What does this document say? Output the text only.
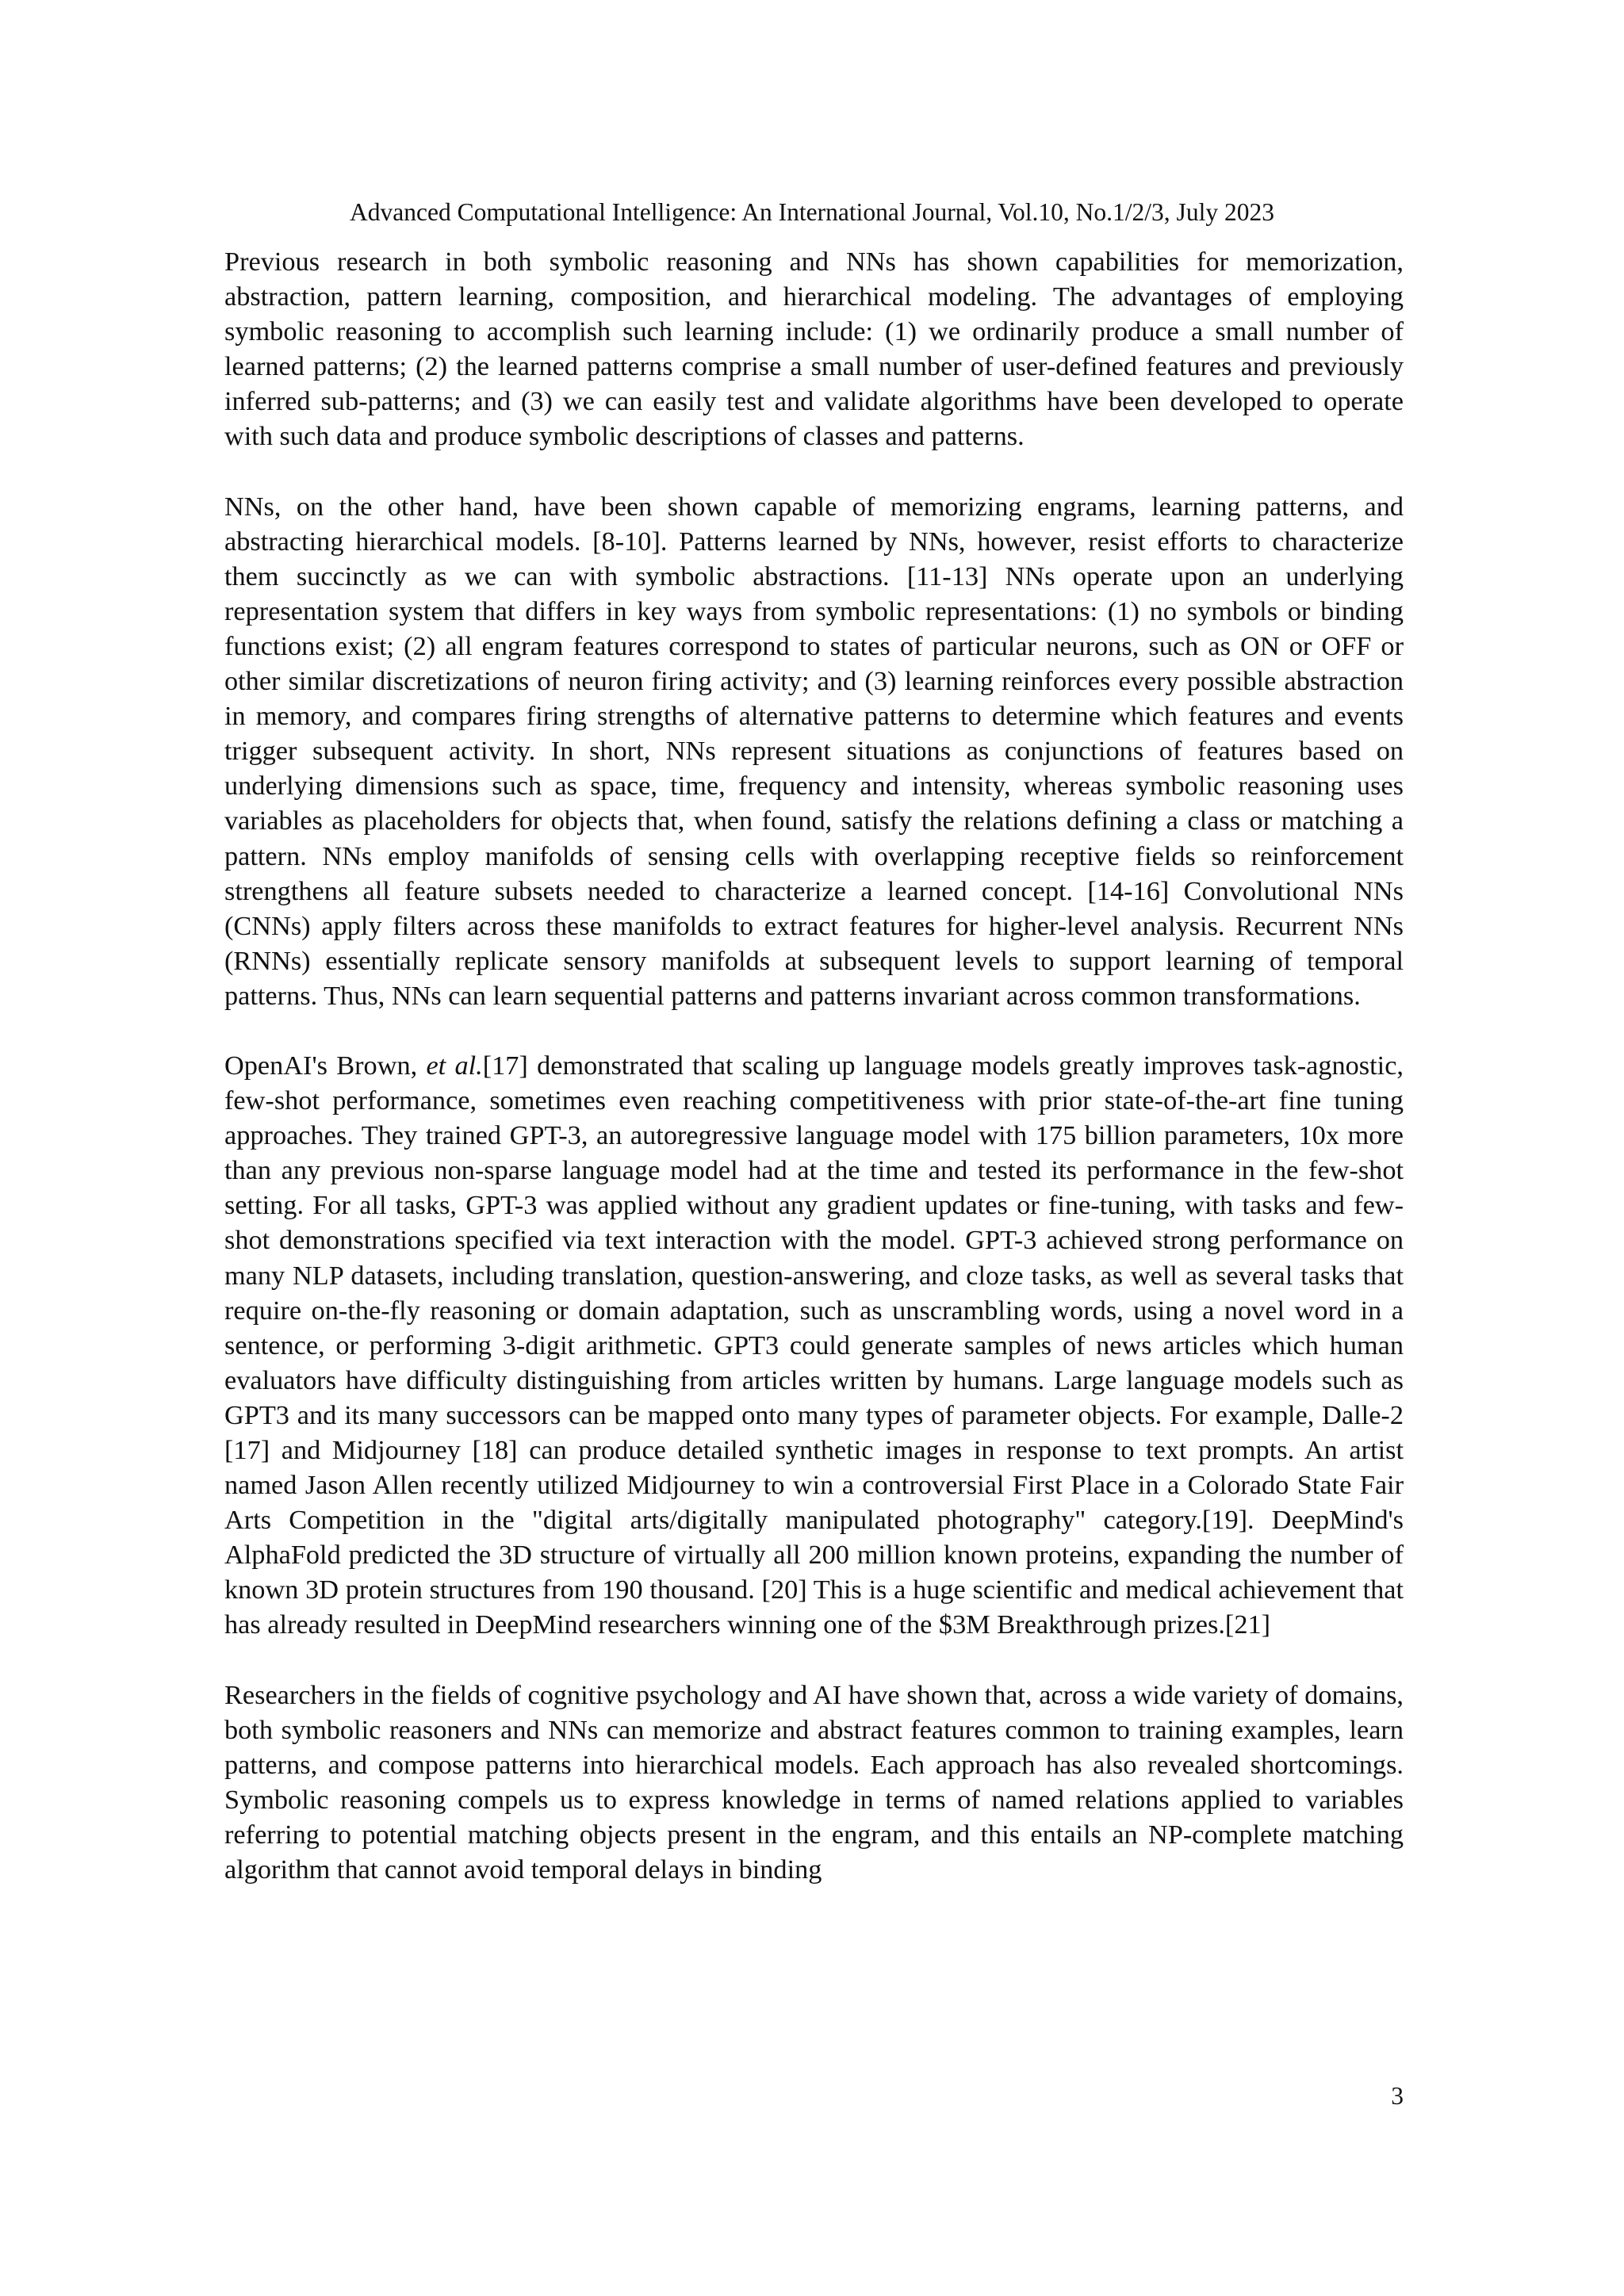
Advanced Computational Intelligence: An International Journal, Vol.10, No.1/2/3, July 2023

Previous research in both symbolic reasoning and NNs has shown capabilities for memorization, abstraction, pattern learning, composition, and hierarchical modeling. The advantages of employing symbolic reasoning to accomplish such learning include: (1) we ordinarily produce a small number of learned patterns; (2) the learned patterns comprise a small number of user-defined features and previously inferred sub-patterns; and (3) we can easily test and validate algorithms have been developed to operate with such data and produce symbolic descriptions of classes and patterns.

NNs, on the other hand, have been shown capable of memorizing engrams, learning patterns, and abstracting hierarchical models. [8-10]. Patterns learned by NNs, however, resist efforts to characterize them succinctly as we can with symbolic abstractions. [11-13] NNs operate upon an underlying representation system that differs in key ways from symbolic representations: (1) no symbols or binding functions exist; (2) all engram features correspond to states of particular neurons, such as ON or OFF or other similar discretizations of neuron firing activity; and (3) learning reinforces every possible abstraction in memory, and compares firing strengths of alternative patterns to determine which features and events trigger subsequent activity. In short, NNs represent situations as conjunctions of features based on underlying dimensions such as space, time, frequency and intensity, whereas symbolic reasoning uses variables as placeholders for objects that, when found, satisfy the relations defining a class or matching a pattern. NNs employ manifolds of sensing cells with overlapping receptive fields so reinforcement strengthens all feature subsets needed to characterize a learned concept. [14-16] Convolutional NNs (CNNs) apply filters across these manifolds to extract features for higher-level analysis. Recurrent NNs (RNNs) essentially replicate sensory manifolds at subsequent levels to support learning of temporal patterns. Thus, NNs can learn sequential patterns and patterns invariant across common transformations.

OpenAI's Brown, et al.[17] demonstrated that scaling up language models greatly improves task-agnostic, few-shot performance, sometimes even reaching competitiveness with prior state-of-the-art fine tuning approaches. They trained GPT-3, an autoregressive language model with 175 billion parameters, 10x more than any previous non-sparse language model had at the time and tested its performance in the few-shot setting. For all tasks, GPT-3 was applied without any gradient updates or fine-tuning, with tasks and few-shot demonstrations specified via text interaction with the model. GPT-3 achieved strong performance on many NLP datasets, including translation, question-answering, and cloze tasks, as well as several tasks that require on-the-fly reasoning or domain adaptation, such as unscrambling words, using a novel word in a sentence, or performing 3-digit arithmetic. GPT3 could generate samples of news articles which human evaluators have difficulty distinguishing from articles written by humans. Large language models such as GPT3 and its many successors can be mapped onto many types of parameter objects. For example, Dalle-2 [17] and Midjourney [18] can produce detailed synthetic images in response to text prompts. An artist named Jason Allen recently utilized Midjourney to win a controversial First Place in a Colorado State Fair Arts Competition in the "digital arts/digitally manipulated photography" category.[19]. DeepMind's AlphaFold predicted the 3D structure of virtually all 200 million known proteins, expanding the number of known 3D protein structures from 190 thousand. [20] This is a huge scientific and medical achievement that has already resulted in DeepMind researchers winning one of the $3M Breakthrough prizes.[21]

Researchers in the fields of cognitive psychology and AI have shown that, across a wide variety of domains, both symbolic reasoners and NNs can memorize and abstract features common to training examples, learn patterns, and compose patterns into hierarchical models. Each approach has also revealed shortcomings. Symbolic reasoning compels us to express knowledge in terms of named relations applied to variables referring to potential matching objects present in the engram, and this entails an NP-complete matching algorithm that cannot avoid temporal delays in binding

3
